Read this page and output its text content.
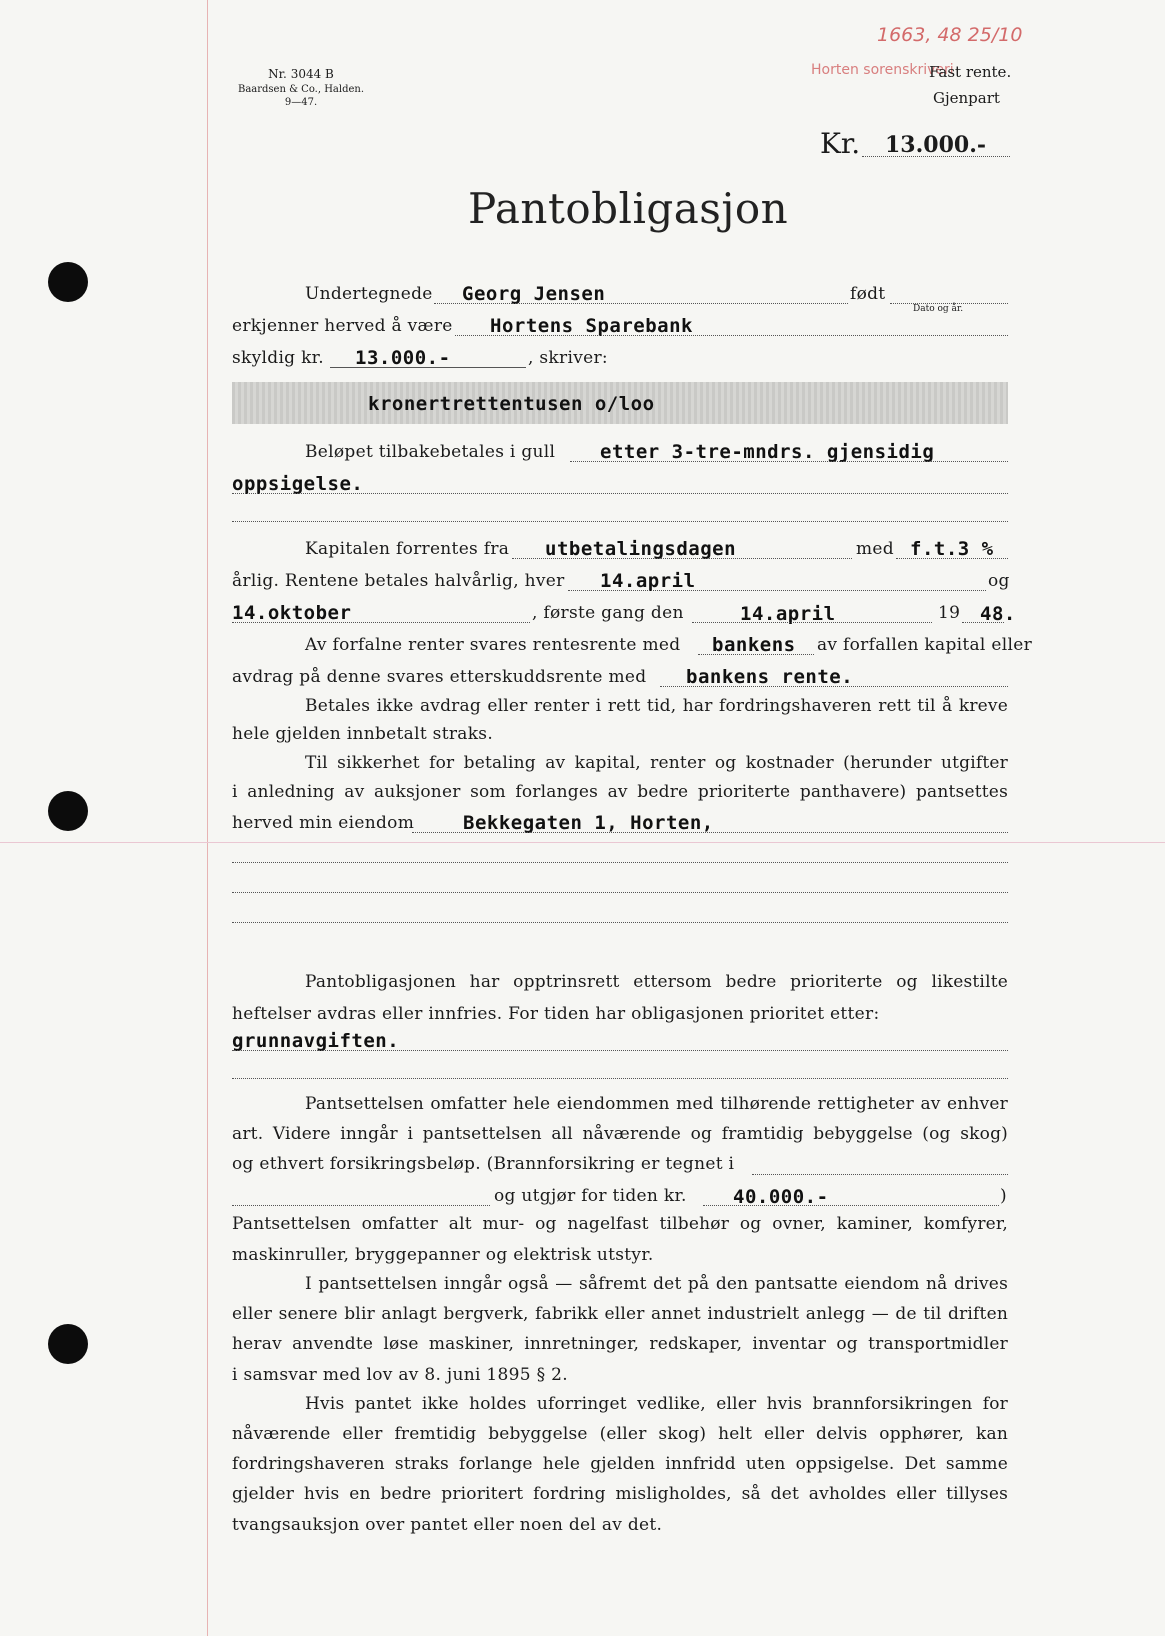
Nr. 3044 B
Baardsen & Co., Halden.
9—47.
1663, 48 25/10
Horten sorenskriveri
Fast rente.
Gjenpart
Kr. 13.000.-
Pantobligasjon
Undertegnede Georg Jensen	født
Dato og år.
erkjenner herved å være Hortens Sparebank
skyldig kr. 13.000.-	, skriver:
kronertrettentusen o/loo
Beløpet tilbakebetales i gull etter 3-tre-mndrs. gjensidig
oppsigelse.
Kapitalen forrentes fra utbetalingsdagen	med f.t.3 %
årlig. Rentene betales halvårlig, hver 14.april	og
14.oktober	, første gang den	14.april	19 48.
Av forfalne renter svares rentesrente med bankens av forfallen kapital eller
avdrag på denne svares etterskuddsrente med bankens rente.
Betales ikke avdrag eller renter i rett tid, har fordringshaveren rett til å kreve
hele gjelden innbetalt straks.
Til sikkerhet for betaling av kapital, renter og kostnader (herunder utgifter
i anledning av auksjoner som forlanges av bedre prioriterte panthavere) pantsettes
herved min eiendom	Bekkegaten 1, Horten,
Pantobligasjonen har opptrinsrett ettersom bedre prioriterte og likestilte
heftelser avdras eller innfries. For tiden har obligasjonen prioritet etter:
grunnavgiften.
Pantsettelsen omfatter hele eiendommen med tilhørende rettigheter av enhver
art. Videre inngår i pantsettelsen all nåværende og framtidig bebyggelse (og skog)
og ethvert forsikringsbeløp. (Brannforsikring er tegnet i
og utgjør for tiden kr. 40.000.-	)
Pantsettelsen omfatter alt mur- og nagelfast tilbehør og ovner, kaminer, komfyrer,
maskinruller, bryggepanner og elektrisk utstyr.
I pantsettelsen inngår også — såfremt det på den pantsatte eiendom nå drives
eller senere blir anlagt bergverk, fabrikk eller annet industrielt anlegg — de til driften
herav anvendte løse maskiner, innretninger, redskaper, inventar og transportmidler
i samsvar med lov av 8. juni 1895 § 2.
Hvis pantet ikke holdes uforringet vedlike, eller hvis brannforsikringen for
nåværende eller fremtidig bebyggelse (eller skog) helt eller delvis opphører, kan
fordringshaveren straks forlange hele gjelden innfridd uten oppsigelse. Det samme
gjelder hvis en bedre prioritert fordring misligholdes, så det avholdes eller tillyses
tvangsauksjon over pantet eller noen del av det.
